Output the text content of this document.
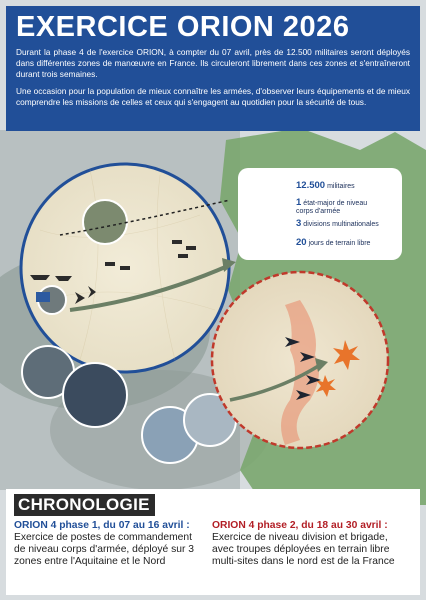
EXERCICE ORION 2026

Durant la phase 4 de l'exercice ORION, à compter du 07 avril, près de 12.500 militaires seront déployés dans différentes zones de manœuvre en France. Ils circuleront librement dans ces zones et s'entraîneront durant trois semaines.

Une occasion pour la population de mieux connaître les armées, d'observer leurs équipements et de mieux comprendre les missions de celles et ceux qui s'engagent au quotidien pour la sécurité de tous.

12.500 militaires
1 état-major de niveau corps d'armée
3 divisions multinationales
20 jours de terrain libre
CHRONOLOGIE
ORION 4 phase 1, du 07 au 16 avril :
Exercice de postes de commandement de niveau corps d'armée, déployé sur 3 zones entre l'Aquitaine et le Nord
ORION 4 phase 2, du 18 au 30 avril :
Exercice de niveau division et brigade, avec troupes déployées en terrain libre multi-sites dans le nord est de la France
